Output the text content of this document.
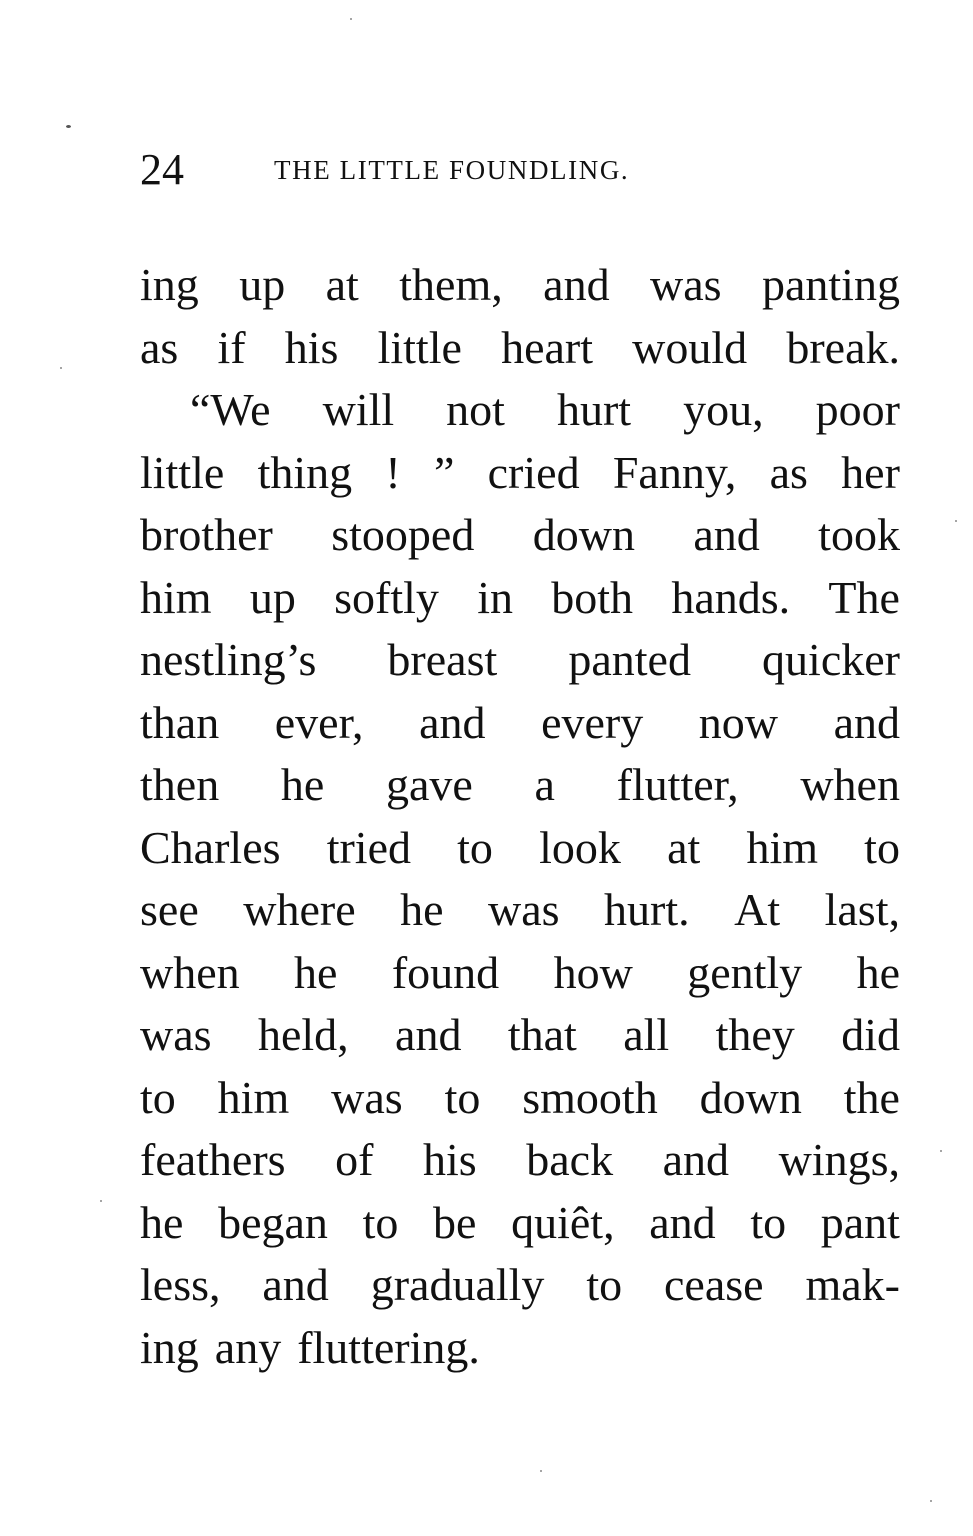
24	THE LITTLE FOUNDLING.
ing up at them, and was panting
as if his little heart would break.
“We will not hurt you, poor
little thing ! ” cried Fanny, as her
brother stooped down and took
him up softly in both hands. The
nestling’s breast panted quicker
than ever, and every now and
then he gave a flutter, when
Charles tried to look at him to
see where he was hurt. At last,
when he found how gently he
was held, and that all they did
to him was to smooth down the
feathers of his back and wings,
he began to be quiêt, and to pant
less, and gradually to cease mak-
ing any fluttering.
